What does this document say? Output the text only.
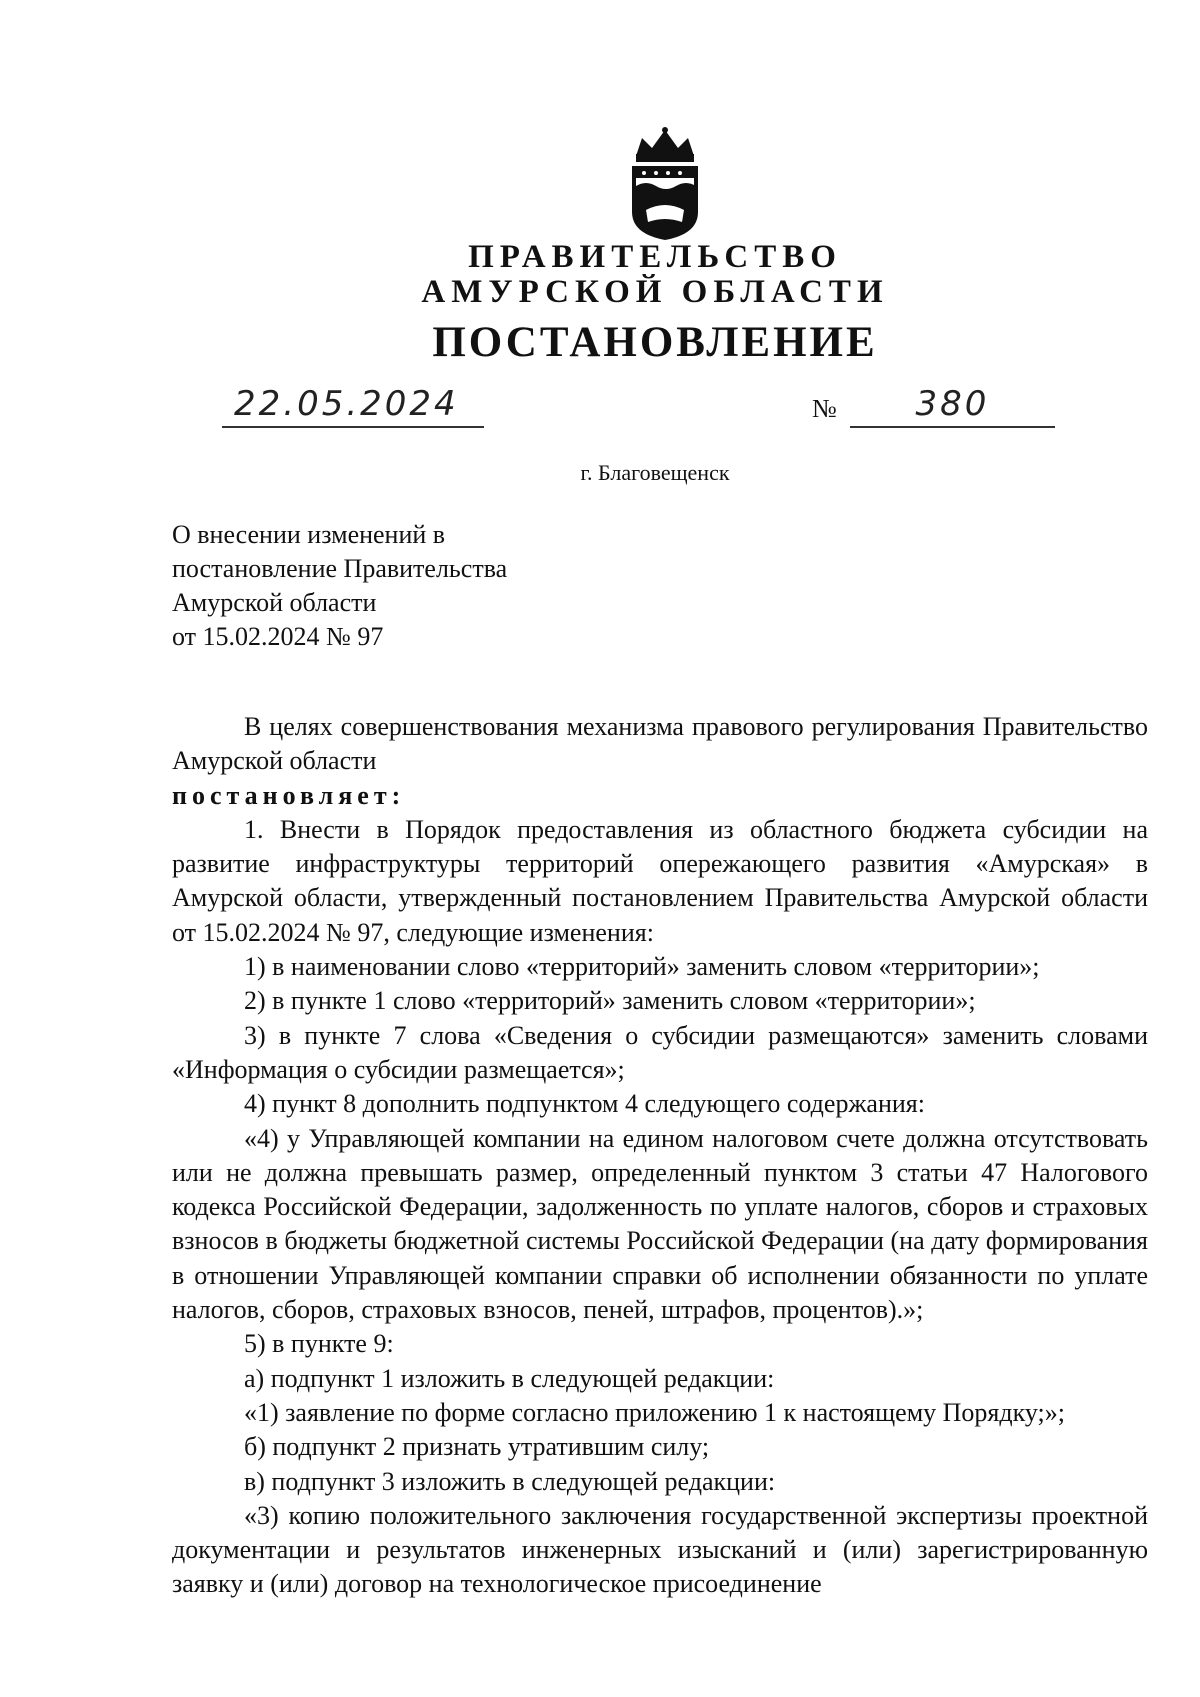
ПРАВИТЕЛЬСТВО
АМУРСКОЙ ОБЛАСТИ
ПОСТАНОВЛЕНИЕ
22.05.2024	№	380
г. Благовещенск
О внесении изменений в
постановление Правительства
Амурской области
от 15.02.2024 № 97

В целях совершенствования механизма правового регулирования Правительство Амурской области

постановляет:

1. Внести в Порядок предоставления из областного бюджета субсидии на развитие инфраструктуры территорий опережающего развития «Амурская» в Амурской области, утвержденный постановлением Правительства Амурской области от 15.02.2024 № 97, следующие изменения:

1) в наименовании слово «территорий» заменить словом «территории»;

2) в пункте 1 слово «территорий» заменить словом «территории»;

3) в пункте 7 слова «Сведения о субсидии размещаются» заменить словами «Информация о субсидии размещается»;

4) пункт 8 дополнить подпунктом 4 следующего содержания:

«4) у Управляющей компании на едином налоговом счете должна отсутствовать или не должна превышать размер, определенный пунктом 3 статьи 47 Налогового кодекса Российской Федерации, задолженность по уплате налогов, сборов и страховых взносов в бюджеты бюджетной системы Российской Федерации (на дату формирования в отношении Управляющей компании справки об исполнении обязанности по уплате налогов, сборов, страховых взносов, пеней, штрафов, процентов).»;

5) в пункте 9:

а) подпункт 1 изложить в следующей редакции:

«1) заявление по форме согласно приложению 1 к настоящему Порядку;»;

б) подпункт 2 признать утратившим силу;

в) подпункт 3 изложить в следующей редакции:

«3) копию положительного заключения государственной экспертизы проектной документации и результатов инженерных изысканий и (или) зарегистрированную заявку и (или) договор на технологическое присоединение
